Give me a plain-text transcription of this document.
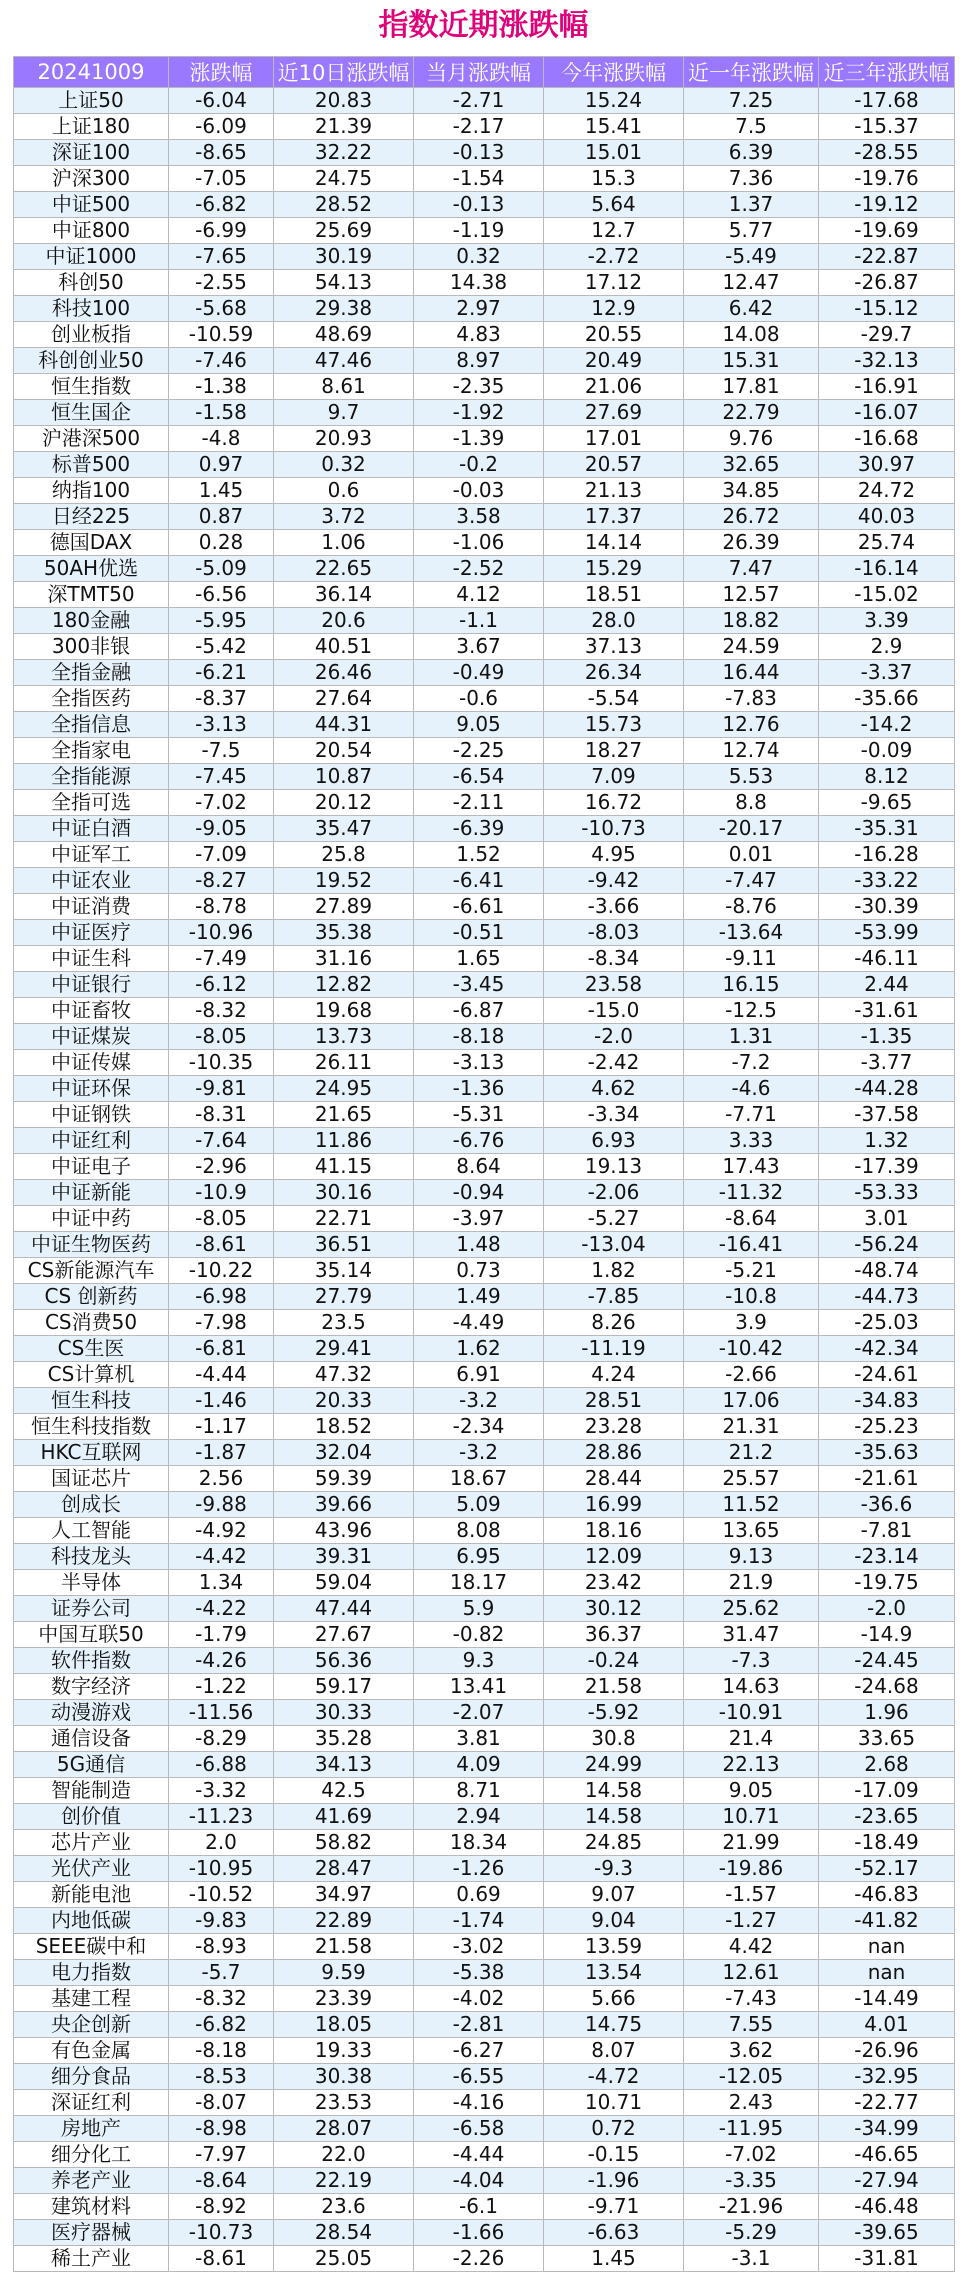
指数近期涨跌幅
20241009	涨跌幅	近10日涨跌幅	当月涨跌幅	今年涨跌幅	近一年涨跌幅	近三年涨跌幅
上证50	-6.04	20.83	-2.71	15.24	7.25	-17.68
上证180	-6.09	21.39	-2.17	15.41	7.5	-15.37
深证100	-8.65	32.22	-0.13	15.01	6.39	-28.55
沪深300	-7.05	24.75	-1.54	15.3	7.36	-19.76
中证500	-6.82	28.52	-0.13	5.64	1.37	-19.12
中证800	-6.99	25.69	-1.19	12.7	5.77	-19.69
中证1000	-7.65	30.19	0.32	-2.72	-5.49	-22.87
科创50	-2.55	54.13	14.38	17.12	12.47	-26.87
科技100	-5.68	29.38	2.97	12.9	6.42	-15.12
创业板指	-10.59	48.69	4.83	20.55	14.08	-29.7
科创创业50	-7.46	47.46	8.97	20.49	15.31	-32.13
恒生指数	-1.38	8.61	-2.35	21.06	17.81	-16.91
恒生国企	-1.58	9.7	-1.92	27.69	22.79	-16.07
沪港深500	-4.8	20.93	-1.39	17.01	9.76	-16.68
标普500	0.97	0.32	-0.2	20.57	32.65	30.97
纳指100	1.45	0.6	-0.03	21.13	34.85	24.72
日经225	0.87	3.72	3.58	17.37	26.72	40.03
德国DAX	0.28	1.06	-1.06	14.14	26.39	25.74
50AH优选	-5.09	22.65	-2.52	15.29	7.47	-16.14
深TMT50	-6.56	36.14	4.12	18.51	12.57	-15.02
180金融	-5.95	20.6	-1.1	28.0	18.82	3.39
300非银	-5.42	40.51	3.67	37.13	24.59	2.9
全指金融	-6.21	26.46	-0.49	26.34	16.44	-3.37
全指医药	-8.37	27.64	-0.6	-5.54	-7.83	-35.66
全指信息	-3.13	44.31	9.05	15.73	12.76	-14.2
全指家电	-7.5	20.54	-2.25	18.27	12.74	-0.09
全指能源	-7.45	10.87	-6.54	7.09	5.53	8.12
全指可选	-7.02	20.12	-2.11	16.72	8.8	-9.65
中证白酒	-9.05	35.47	-6.39	-10.73	-20.17	-35.31
中证军工	-7.09	25.8	1.52	4.95	0.01	-16.28
中证农业	-8.27	19.52	-6.41	-9.42	-7.47	-33.22
中证消费	-8.78	27.89	-6.61	-3.66	-8.76	-30.39
中证医疗	-10.96	35.38	-0.51	-8.03	-13.64	-53.99
中证生科	-7.49	31.16	1.65	-8.34	-9.11	-46.11
中证银行	-6.12	12.82	-3.45	23.58	16.15	2.44
中证畜牧	-8.32	19.68	-6.87	-15.0	-12.5	-31.61
中证煤炭	-8.05	13.73	-8.18	-2.0	1.31	-1.35
中证传媒	-10.35	26.11	-3.13	-2.42	-7.2	-3.77
中证环保	-9.81	24.95	-1.36	4.62	-4.6	-44.28
中证钢铁	-8.31	21.65	-5.31	-3.34	-7.71	-37.58
中证红利	-7.64	11.86	-6.76	6.93	3.33	1.32
中证电子	-2.96	41.15	8.64	19.13	17.43	-17.39
中证新能	-10.9	30.16	-0.94	-2.06	-11.32	-53.33
中证中药	-8.05	22.71	-3.97	-5.27	-8.64	3.01
中证生物医药	-8.61	36.51	1.48	-13.04	-16.41	-56.24
CS新能源汽车	-10.22	35.14	0.73	1.82	-5.21	-48.74
CS 创新药	-6.98	27.79	1.49	-7.85	-10.8	-44.73
CS消费50	-7.98	23.5	-4.49	8.26	3.9	-25.03
CS生医	-6.81	29.41	1.62	-11.19	-10.42	-42.34
CS计算机	-4.44	47.32	6.91	4.24	-2.66	-24.61
恒生科技	-1.46	20.33	-3.2	28.51	17.06	-34.83
恒生科技指数	-1.17	18.52	-2.34	23.28	21.31	-25.23
HKC互联网	-1.87	32.04	-3.2	28.86	21.2	-35.63
国证芯片	2.56	59.39	18.67	28.44	25.57	-21.61
创成长	-9.88	39.66	5.09	16.99	11.52	-36.6
人工智能	-4.92	43.96	8.08	18.16	13.65	-7.81
科技龙头	-4.42	39.31	6.95	12.09	9.13	-23.14
半导体	1.34	59.04	18.17	23.42	21.9	-19.75
证券公司	-4.22	47.44	5.9	30.12	25.62	-2.0
中国互联50	-1.79	27.67	-0.82	36.37	31.47	-14.9
软件指数	-4.26	56.36	9.3	-0.24	-7.3	-24.45
数字经济	-1.22	59.17	13.41	21.58	14.63	-24.68
动漫游戏	-11.56	30.33	-2.07	-5.92	-10.91	1.96
通信设备	-8.29	35.28	3.81	30.8	21.4	33.65
5G通信	-6.88	34.13	4.09	24.99	22.13	2.68
智能制造	-3.32	42.5	8.71	14.58	9.05	-17.09
创价值	-11.23	41.69	2.94	14.58	10.71	-23.65
芯片产业	2.0	58.82	18.34	24.85	21.99	-18.49
光伏产业	-10.95	28.47	-1.26	-9.3	-19.86	-52.17
新能电池	-10.52	34.97	0.69	9.07	-1.57	-46.83
内地低碳	-9.83	22.89	-1.74	9.04	-1.27	-41.82
SEEE碳中和	-8.93	21.58	-3.02	13.59	4.42	nan
电力指数	-5.7	9.59	-5.38	13.54	12.61	nan
基建工程	-8.32	23.39	-4.02	5.66	-7.43	-14.49
央企创新	-6.82	18.05	-2.81	14.75	7.55	4.01
有色金属	-8.18	19.33	-6.27	8.07	3.62	-26.96
细分食品	-8.53	30.38	-6.55	-4.72	-12.05	-32.95
深证红利	-8.07	23.53	-4.16	10.71	2.43	-22.77
房地产	-8.98	28.07	-6.58	0.72	-11.95	-34.99
细分化工	-7.97	22.0	-4.44	-0.15	-7.02	-46.65
养老产业	-8.64	22.19	-4.04	-1.96	-3.35	-27.94
建筑材料	-8.92	23.6	-6.1	-9.71	-21.96	-46.48
医疗器械	-10.73	28.54	-1.66	-6.63	-5.29	-39.65
稀土产业	-8.61	25.05	-2.26	1.45	-3.1	-31.81
